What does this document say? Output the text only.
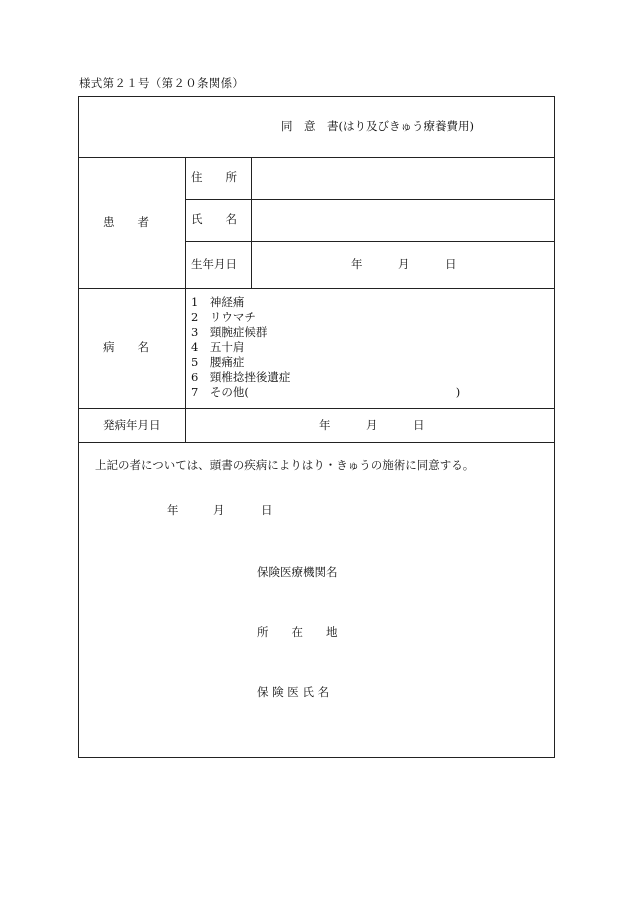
様式第２１号（第２０条関係）
同　意　書(はり及びきゅう療養費用)
患　　者
住　　所
氏　　名
生年月日	年	月	日
病　　名
1　神経痛
2　リウマチ
3　頸腕症候群
4　五十肩
5　腰痛症
6　頸椎捻挫後遺症
7　その他(　　　　　　　　　　　　　　　　　　)
発病年月日	年	月	日
上記の者については、頭書の疾病によりはり・きゅうの施術に同意する。
年	月	日
保険医療機関名
所　　在　　地
保 険 医 氏 名
